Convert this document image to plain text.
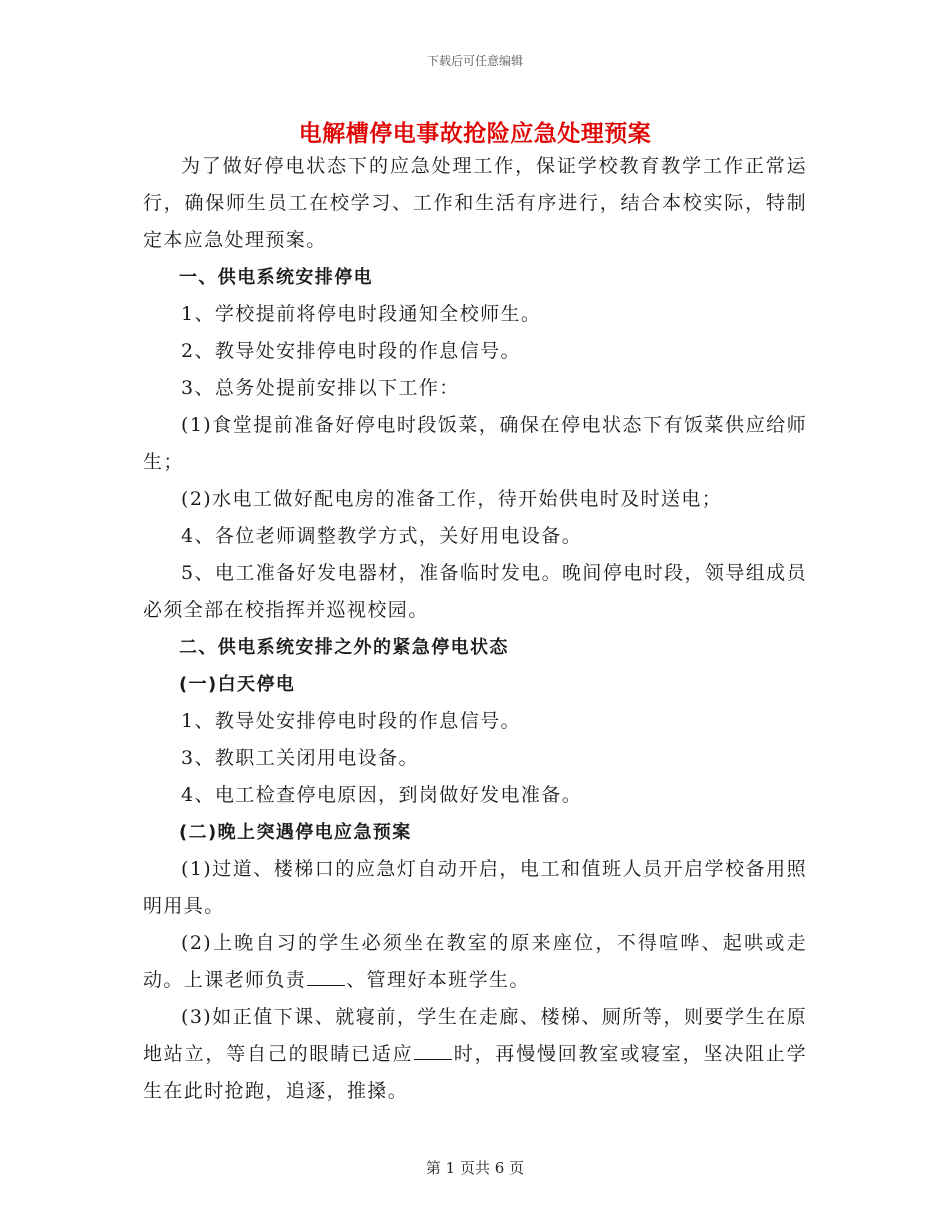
下载后可任意编辑
电解槽停电事故抢险应急处理预案

为了做好停电状态下的应急处理工作，保证学校教育教学工作正常运行，确保师生员工在校学习、工作和生活有序进行，结合本校实际，特制定本应急处理预案。

一、供电系统安排停电

1、学校提前将停电时段通知全校师生。

2、教导处安排停电时段的作息信号。

3、总务处提前安排以下工作：

(1)食堂提前准备好停电时段饭菜，确保在停电状态下有饭菜供应给师生；

(2)水电工做好配电房的准备工作，待开始供电时及时送电；

4、各位老师调整教学方式，关好用电设备。

5、电工准备好发电器材，准备临时发电。晚间停电时段，领导组成员必须全部在校指挥并巡视校园。

二、供电系统安排之外的紧急停电状态

(一)白天停电

1、教导处安排停电时段的作息信号。

3、教职工关闭用电设备。

4、电工检查停电原因，到岗做好发电准备。

(二)晚上突遇停电应急预案

(1)过道、楼梯口的应急灯自动开启，电工和值班人员开启学校备用照明用具。

(2)上晚自习的学生必须坐在教室的原来座位，不得喧哗、起哄或走动。上课老师负责 、管理好本班学生。

(3)如正值下课、就寝前，学生在走廊、楼梯、厕所等，则要学生在原地站立，等自己的眼睛已适应 时，再慢慢回教室或寝室，坚决阻止学生在此时抢跑，追逐，推搡。

第 1 页共 6 页
